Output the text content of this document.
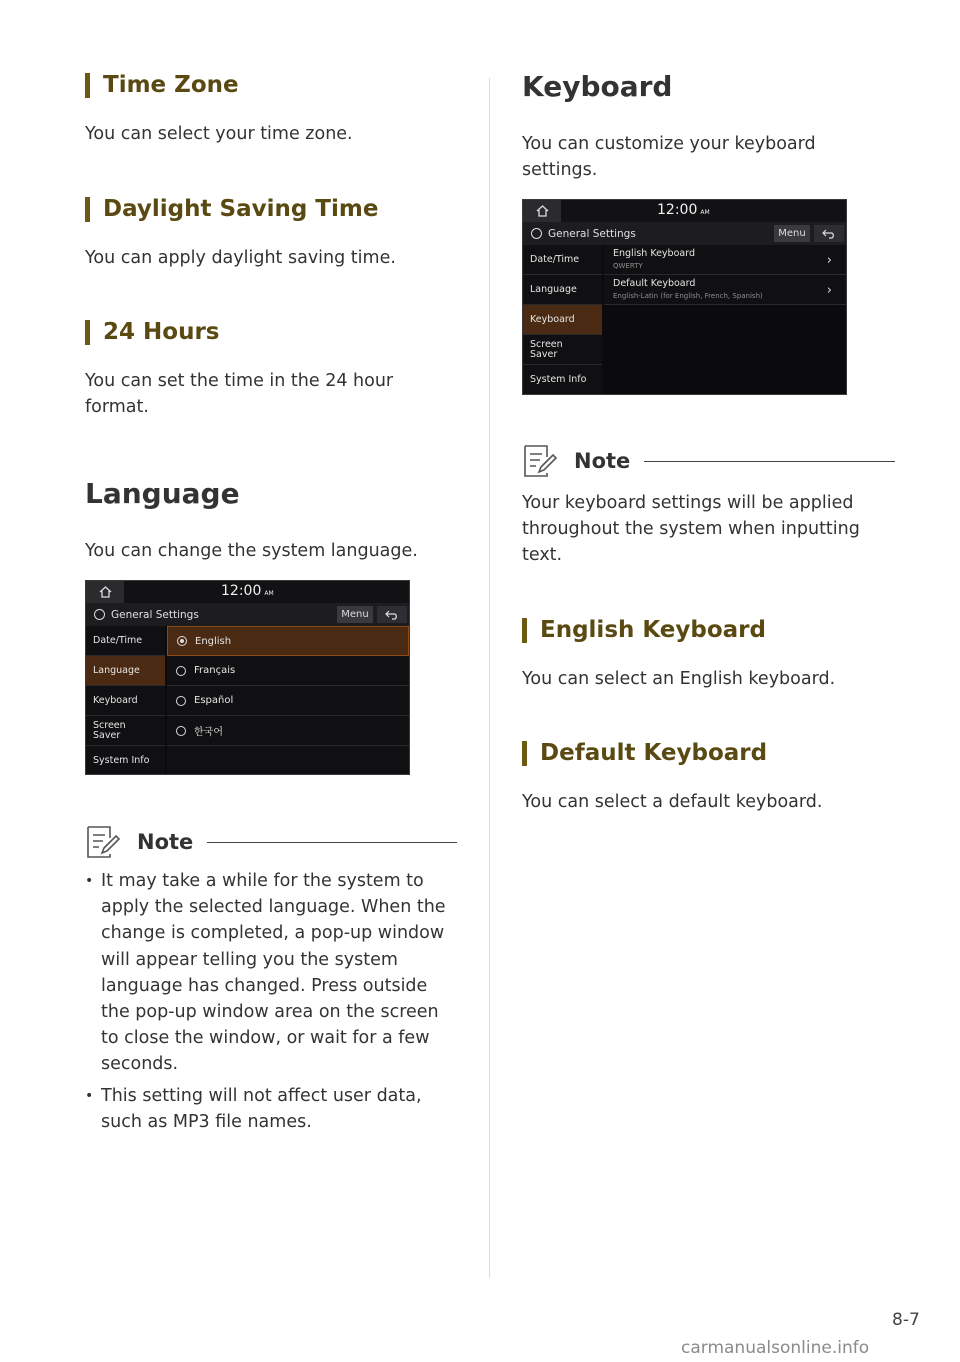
Time Zone
You can select your time zone.
Daylight Saving Time
You can apply daylight saving time.
24 Hours
You can set the time in the 24 hour
format.
Language
You can change the system language.
12:00 AM
General Settings	Menu
Date/Time
Language
Keyboard
Screen
Saver
System Info
English
Français
Español
한국어
Note
• It may take a while for the system to apply the selected language. When the change is completed, a pop-up window will appear telling you the system language has changed. Press outside the pop-up window area on the screen to close the window, or wait for a few seconds.
• This setting will not affect user data, such as MP3 file names.
Keyboard
You can customize your keyboard
settings.
12:00 AM
General Settings	Menu
Date/Time
Language
Keyboard
Screen
Saver
System Info
English Keyboard
QWERTY	›
Default Keyboard
English-Latin (for English, French, Spanish)	›
Note
Your keyboard settings will be applied throughout the system when inputting text.
English Keyboard
You can select an English keyboard.
Default Keyboard
You can select a default keyboard.
8-7
carmanualsonline.info
